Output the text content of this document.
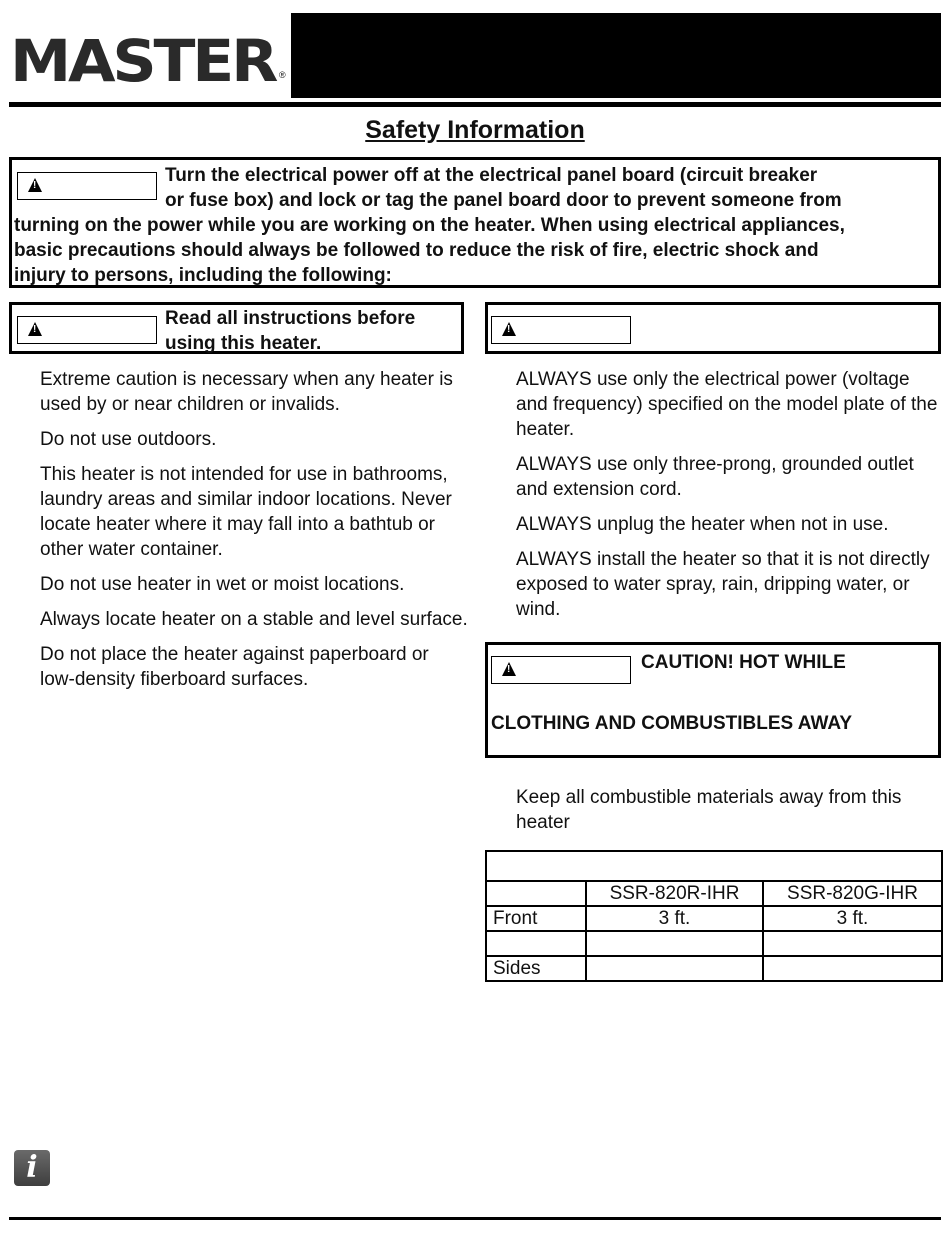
MASTER ®
Safety Information
!
Turn the electrical power off at the electrical panel board (circuit breaker
or fuse box) and lock or tag the panel board door to prevent someone from
turning on the power while you are working on the heater. When using electrical appliances,
basic precautions should always be followed to reduce the risk of fire, electric shock and
injury to persons, including the following:
!
Read all instructions before
using this heater.
!

Extreme caution is necessary when any heater is used by or near children or invalids.

Do not use outdoors.

This heater is not intended for use in bathrooms, laundry areas and similar indoor locations. Never locate heater where it may fall into a bathtub or other water container.

Do not use heater in wet or moist locations.

Always locate heater on a stable and level surface.

Do not place the heater against paperboard or low-density fiberboard surfaces.

ALWAYS use only the electrical power (voltage and frequency) specified on the model plate of the heater.

ALWAYS use only three-prong, grounded outlet and extension cord.

ALWAYS unplug the heater when not in use.

ALWAYS install the heater so that it is not directly exposed to water spray, rain, dripping water, or wind.

!
CAUTION! HOT WHILE
CLOTHING AND COMBUSTIBLES AWAY
Keep all combustible materials away from this heater

	SSR-820R-IHR	SSR-820G-IHR
Front	3 ft.	3 ft.

Sides		
i
